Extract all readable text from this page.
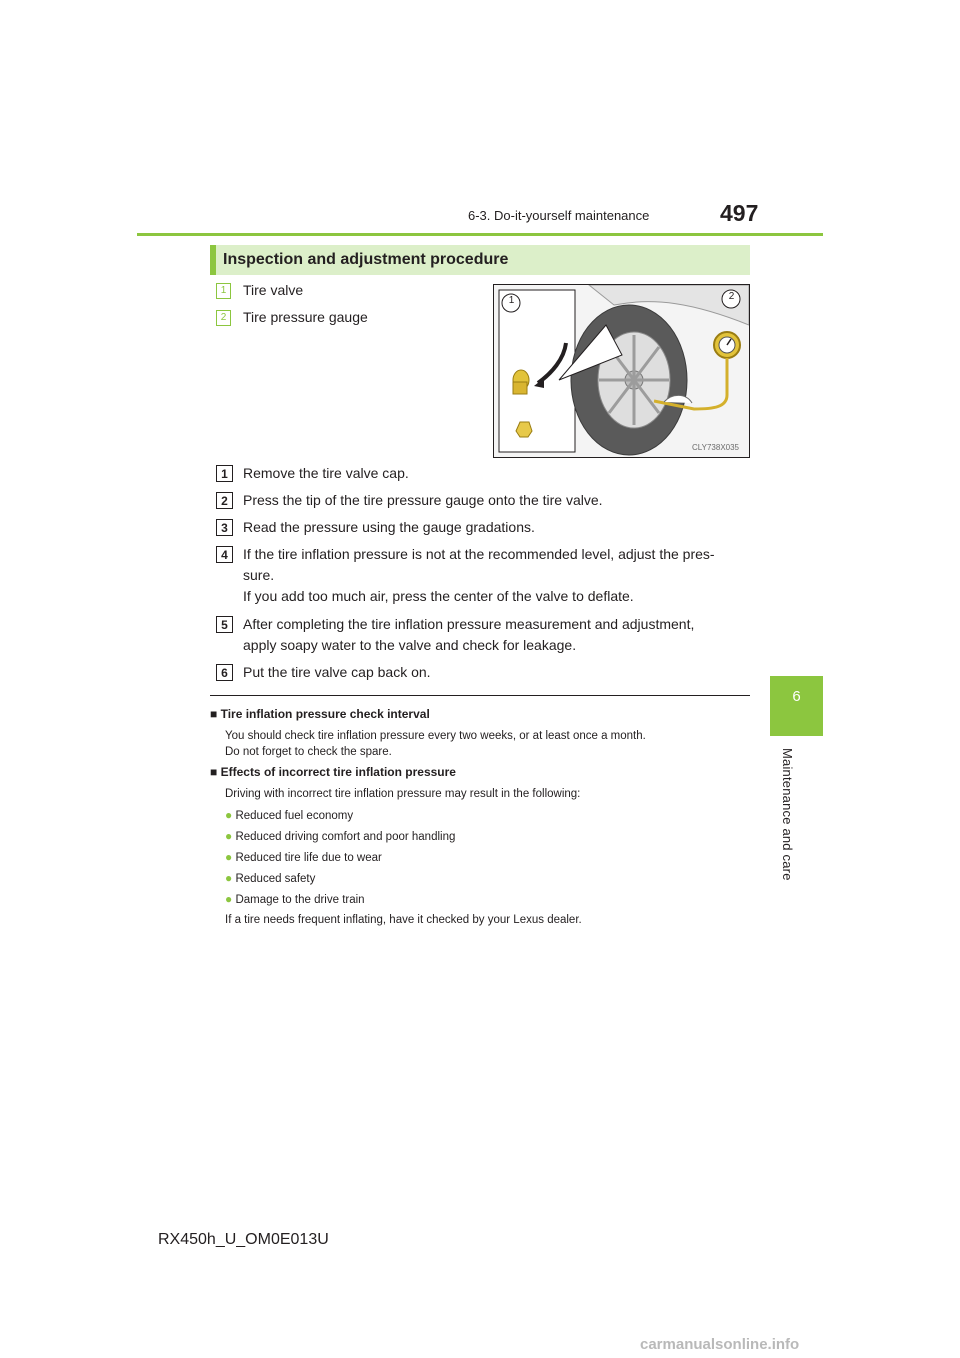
6-3. Do-it-yourself maintenance	497
6
Maintenance and care
Inspection and adjustment procedure
1	Tire valve
2	Tire pressure gauge
1	2
CLY738X035
1	Remove the tire valve cap.
2	Press the tip of the tire pressure gauge onto the tire valve.
3	Read the pressure using the gauge gradations.
4	If the tire inflation pressure is not at the recommended level, adjust the pres-
sure.
If you add too much air, press the center of the valve to deflate.
5	After completing the tire inflation pressure measurement and adjustment,
apply soapy water to the valve and check for leakage.
6	Put the tire valve cap back on.
■ Tire inflation pressure check interval
You should check tire inflation pressure every two weeks, or at least once a month.
Do not forget to check the spare.
■ Effects of incorrect tire inflation pressure
Driving with incorrect tire inflation pressure may result in the following:
● Reduced fuel economy
● Reduced driving comfort and poor handling
● Reduced tire life due to wear
● Reduced safety
● Damage to the drive train
If a tire needs frequent inflating, have it checked by your Lexus dealer.
RX450h_U_OM0E013U
carmanualsonline.info
